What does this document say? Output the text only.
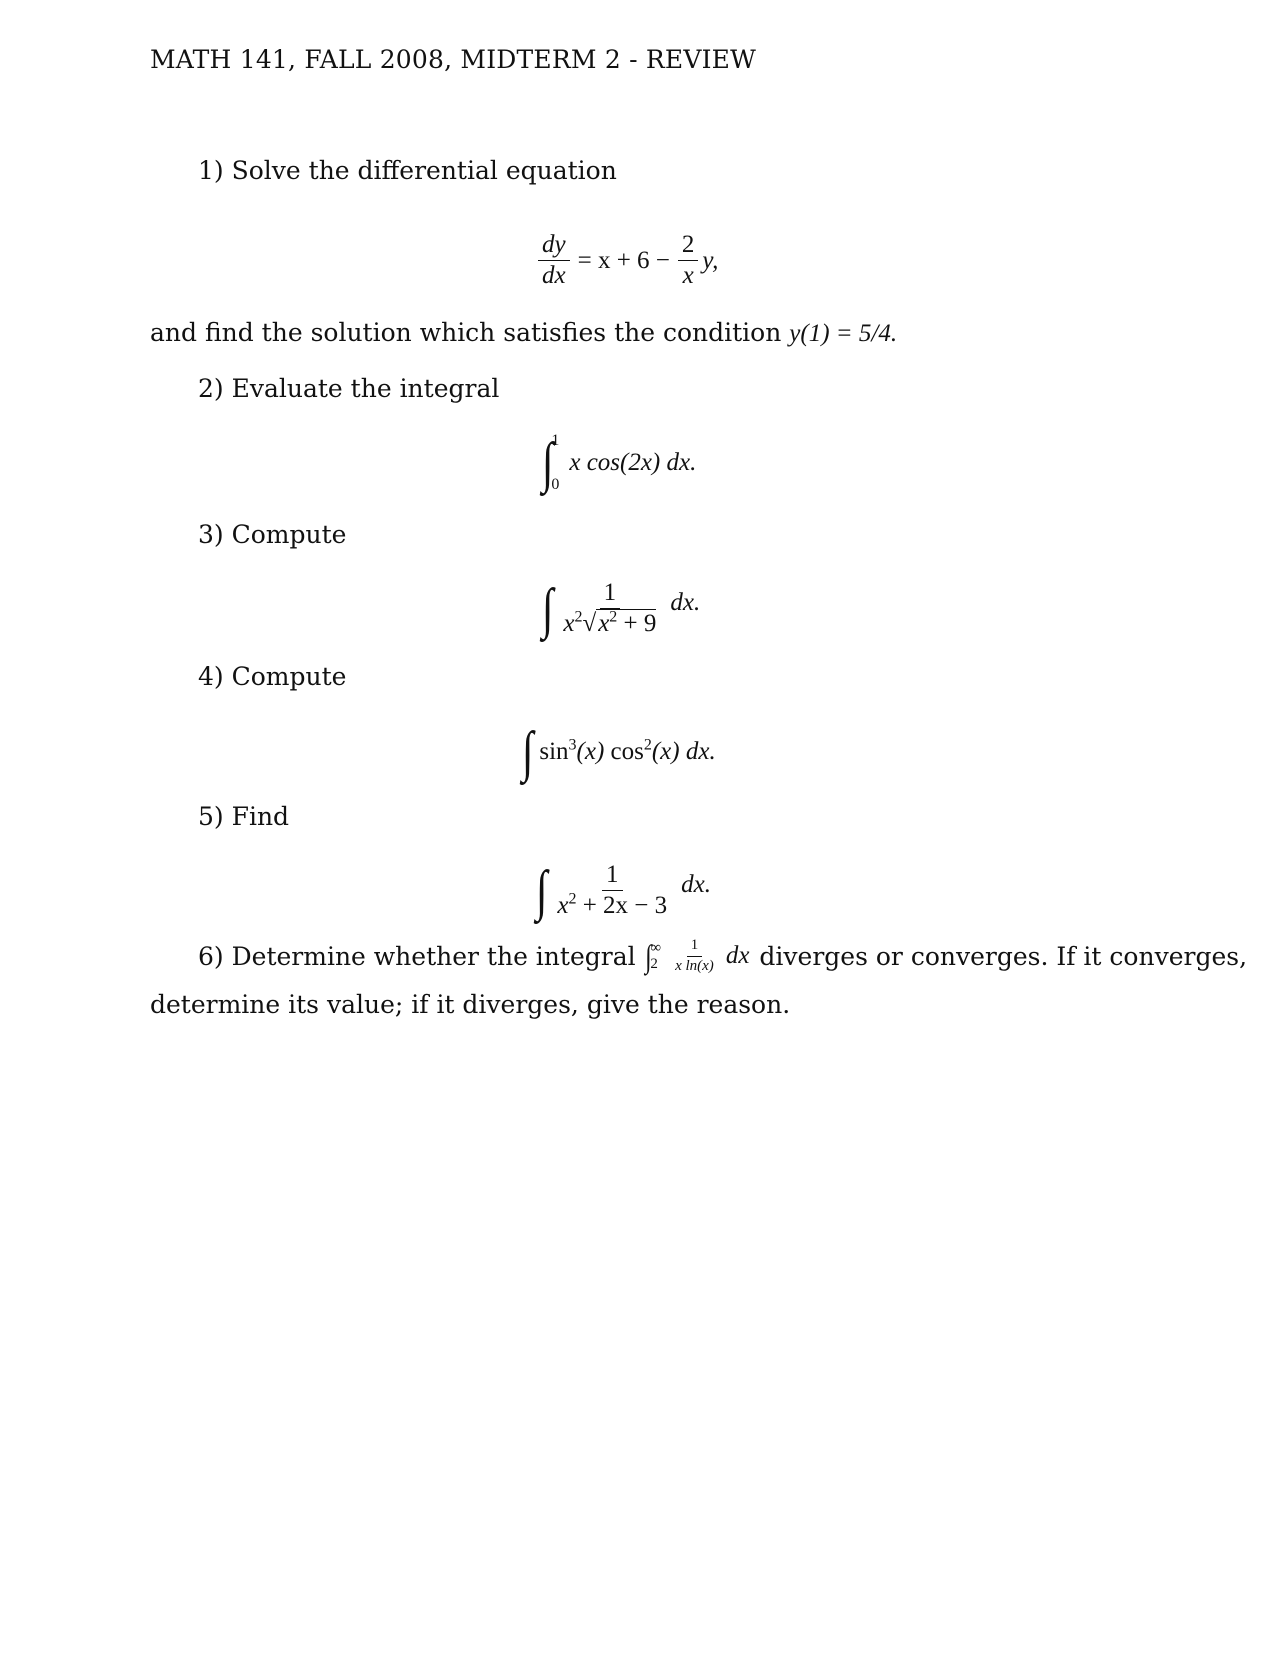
MATH 141, FALL 2008, MIDTERM 2 - REVIEW
1) Solve the differential equation
$\frac{dy}{dx} = x + 6 - \frac{2}{x} y$,
and find the solution which satisfies the condition y(1) = 5/4.
2) Evaluate the integral
∫
1
0
x cos(2x) dx.
3) Compute
∫ $\frac{1}{x^2√x^2 + 9}$ dx.
4) Compute
∫ $\sin^3(x)$ $\cos^2(x)$ dx.
5) Find
∫ $\frac{1}{x^2 + 2x - 3}$ dx.
6) Determine whether the integral ∫ ∞
$2 \frac{1}{\text{x ln(x)}}$ dx diverges or converges. If it converges,
determine its value; if it diverges, give the reason.
